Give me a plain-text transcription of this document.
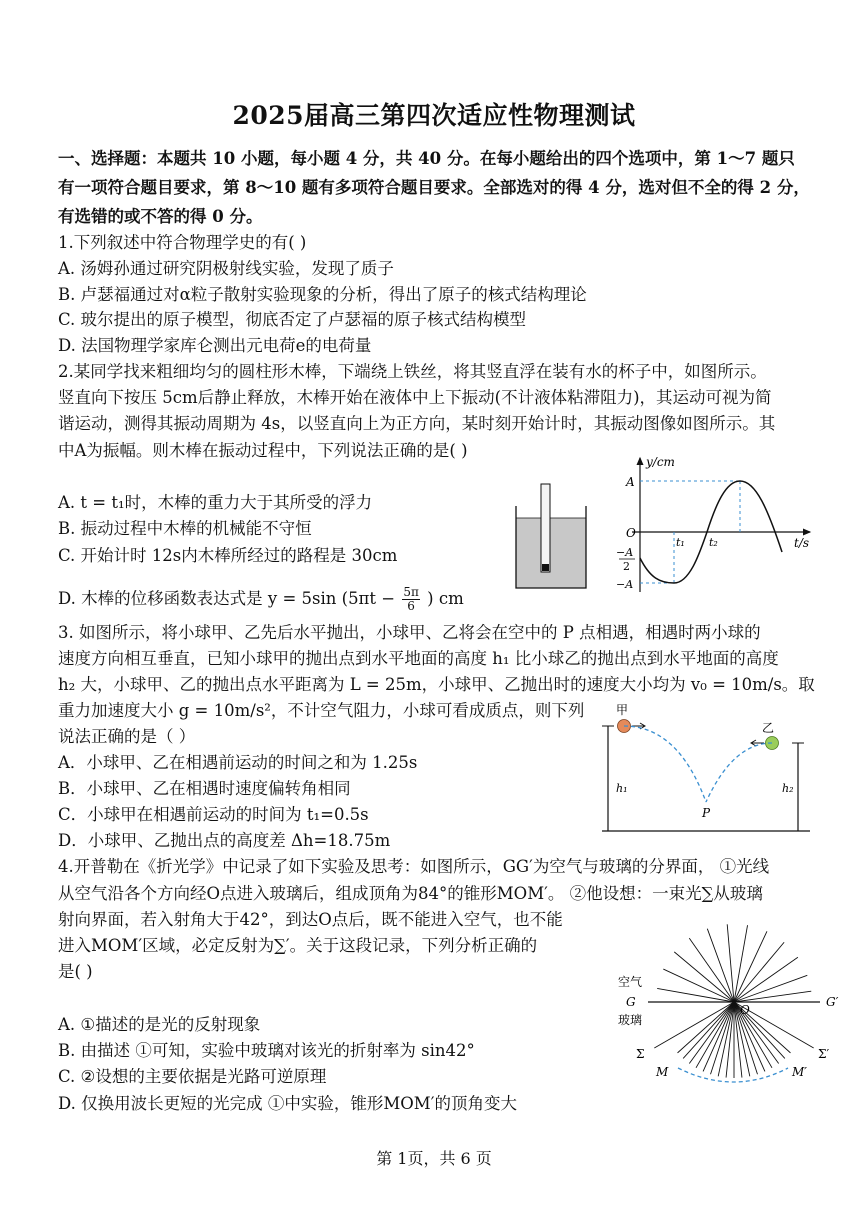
2025届高三第四次适应性物理测试
一、选择题：本题共 10 小题，每小题 4 分，共 40 分。在每小题给出的四个选项中，第 1～7 题只
有一项符合题目要求，第 8～10 题有多项符合题目要求。全部选对的得 4 分，选对但不全的得 2 分，
有选错的或不答的得 0 分。
1.下列叙述中符合物理学史的有( )
A. 汤姆孙通过研究阴极射线实验，发现了质子
B. 卢瑟福通过对α粒子散射实验现象的分析，得出了原子的核式结构理论
C. 玻尔提出的原子模型，彻底否定了卢瑟福的原子核式结构模型
D. 法国物理学家库仑测出元电荷e的电荷量
2.某同学找来粗细均匀的圆柱形木棒，下端绕上铁丝，将其竖直浮在装有水的杯子中，如图所示。
竖直向下按压 5cm后静止释放，木棒开始在液体中上下振动(不计液体粘滞阻力)，其运动可视为简
谐运动，测得其振动周期为 4s，以竖直向上为正方向，某时刻开始计时，其振动图像如图所示。其
中A为振幅。则木棒在振动过程中，下列说法正确的是( )
A. t = t₁时，木棒的重力大于其所受的浮力
B. 振动过程中木棒的机械能不守恒
C. 开始计时 12s内木棒所经过的路程是 30cm
D. 木棒的位移函数表达式是 y = 5sin ($5\pi t - \frac{5\pi}{6}$ ) cm
y/cm
t/s
A
O
−A
2
−A
t₁ t₂
3. 如图所示，将小球甲、乙先后水平抛出，小球甲、乙将会在空中的 P 点相遇，相遇时两小球的
速度方向相互垂直，已知小球甲的抛出点到水平地面的高度 h₁ 比小球乙的抛出点到水平地面的高度
h₂ 大，小球甲、乙的抛出点水平距离为 L = 25m，小球甲、乙抛出时的速度大小均为 v₀ = 10m/s。取
重力加速度大小 g = 10m/s²，不计空气阻力，小球可看成质点，则下列
说法正确的是（ ）
A．小球甲、乙在相遇前运动的时间之和为 1.25s
B．小球甲、乙在相遇时速度偏转角相同
C．小球甲在相遇前运动的时间为 t₁=0.5s
D．小球甲、乙抛出点的高度差 Δh=18.75m
甲
乙
h₁	h₂
P
4.开普勒在《折光学》中记录了如下实验及思考：如图所示，GG′为空气与玻璃的分界面， ①光线
从空气沿各个方向经O点进入玻璃后，组成顶角为84°的锥形MOM′。 ②他设想：一束光∑从玻璃
射向界面，若入射角大于42°，到达O点后，既不能进入空气，也不能
进入MOM′区域，必定反射为∑′。关于这段记录，下列分析正确的
是( )
A. ①描述的是光的反射现象
B. 由描述 ①可知，实验中玻璃对该光的折射率为 sin42°
C. ②设想的主要依据是光路可逆原理
D. 仅换用波长更短的光完成 ①中实验，锥形MOM′的顶角变大
空气
G
玻璃
G′
O
Σ	Σ′
M	M′
第 1页，共 6 页
